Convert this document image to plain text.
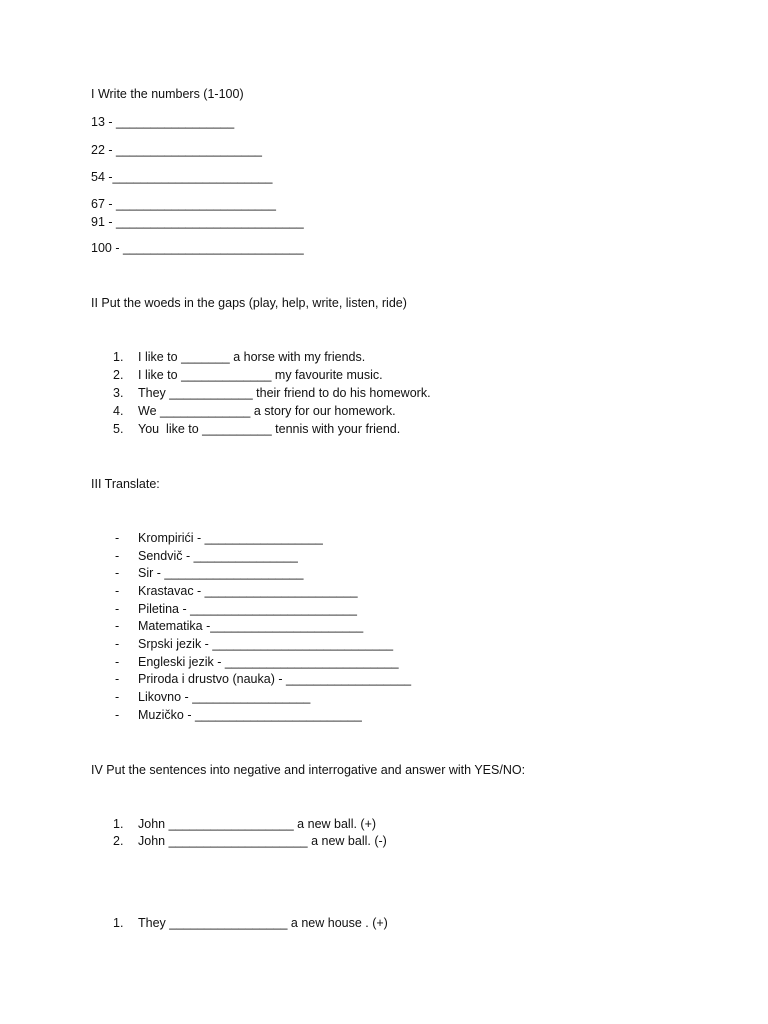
I Write the numbers (1-100)
13 - _________________
22 - _____________________
54 -_______________________
67 - _______________________
91 - ___________________________
100 - __________________________
II Put the woeds in the gaps (play, help, write, listen, ride)
1.	I like to _______ a horse with my friends.
2.	I like to _____________ my favourite music.
3.	They ____________ their friend to do his homework.
4.	We _____________ a story for our homework.
5.	You  like to __________ tennis with your friend.
III Translate:
- Krompirići - _________________
- Sendvič - _______________
- Sir - ____________________
- Krastavac - ______________________
- Piletina - ________________________
- Matematika -______________________
- Srpski jezik - __________________________
- Engleski jezik - _________________________
- Priroda i drustvo (nauka) - __________________
- Likovno - _________________
- Muzičko - ________________________
IV Put the sentences into negative and interrogative and answer with YES/NO:
1.	John __________________ a new ball. (+)
2.	John ____________________ a new ball. (-)
1.	They _________________ a new house . (+)
